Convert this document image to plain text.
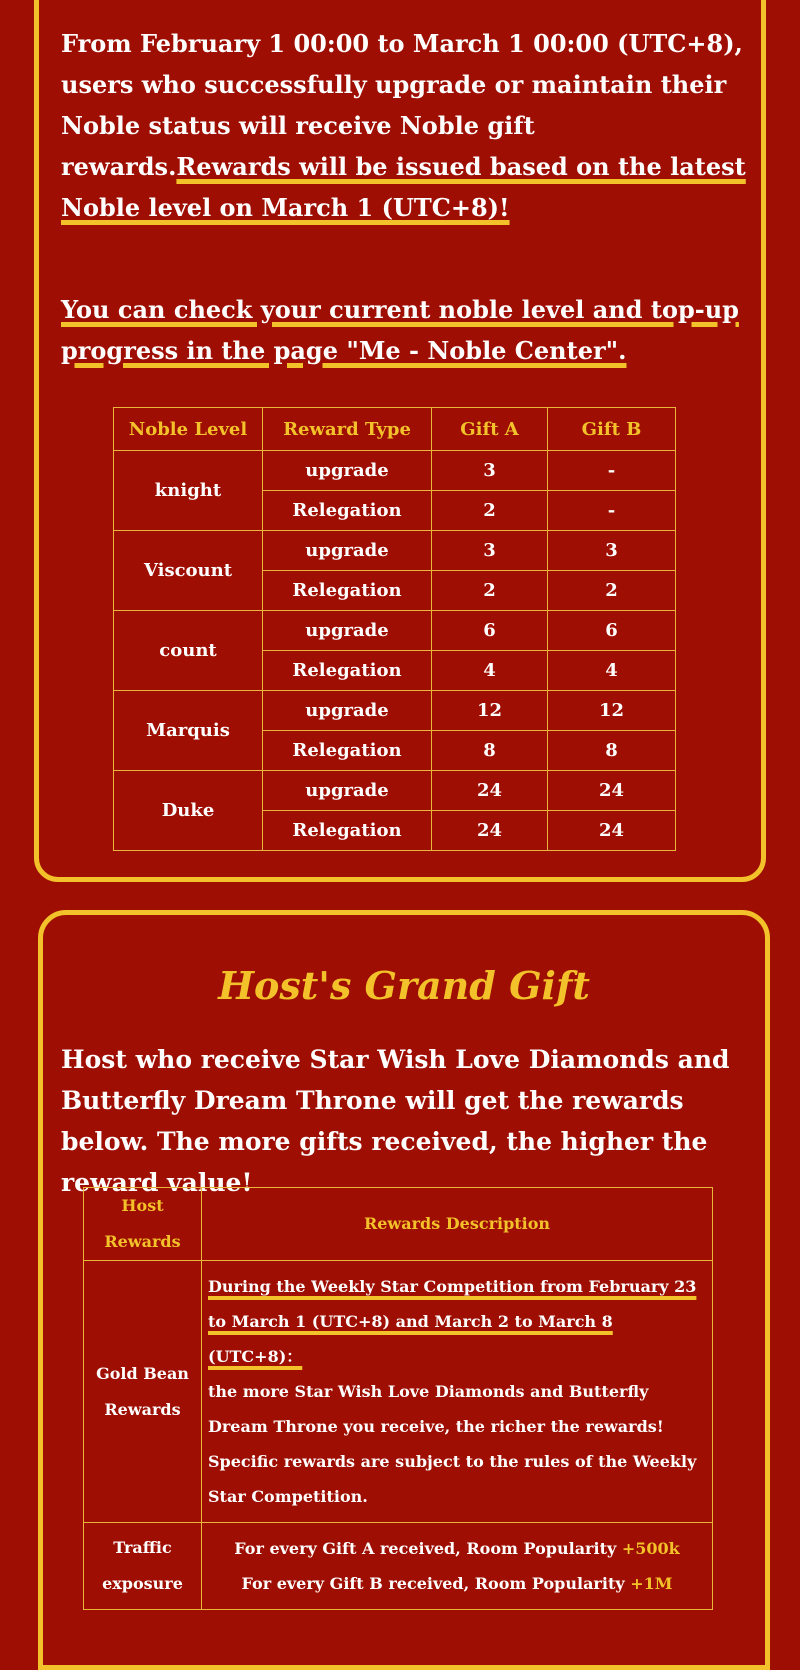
From February 1 00:00 to March 1 00:00 (UTC+8), users who successfully upgrade or maintain their Noble status will receive Noble gift rewards.Rewards will be issued based on the latest Noble level on March 1 (UTC+8)!

You can check your current noble level and top-up progress in the page "Me - Noble Center".

Noble Level	Reward Type	Gift A	Gift B
knight	upgrade	3	-
	Relegation	2	-
Viscount	upgrade	3	3
	Relegation	2	2
count	upgrade	6	6
	Relegation	4	4
Marquis	upgrade	12	12
	Relegation	8	8
Duke	upgrade	24	24
	Relegation	24	24
Host's Grand Gift

Host who receive Star Wish Love Diamonds and Butterfly Dream Throne will get the rewards below. The more gifts received, the higher the reward value!

Host Rewards	Rewards Description
Gold Bean Rewards	During the Weekly Star Competition from February 23 to March 1 (UTC+8) and March 2 to March 8 (UTC+8)：
the more Star Wish Love Diamonds and Butterfly Dream Throne you receive, the richer the rewards! Specific rewards are subject to the rules of the Weekly Star Competition.
Traffic exposure	For every Gift A received, Room Popularity +500k
For every Gift B received, Room Popularity +1M
